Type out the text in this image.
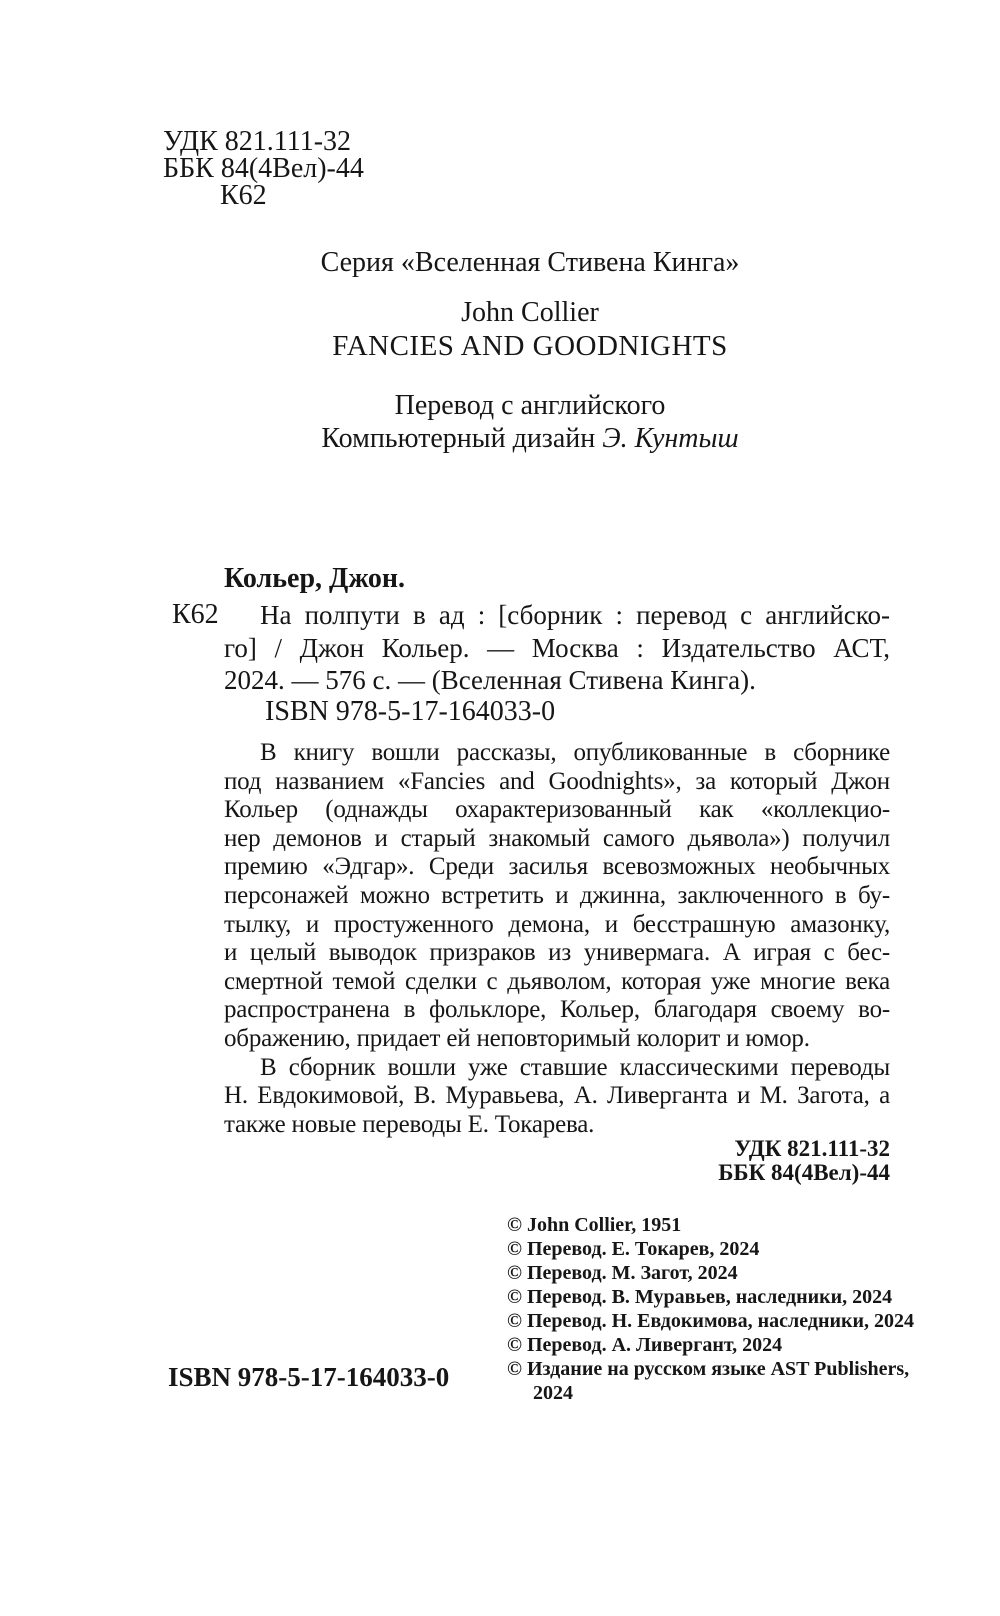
УДК 821.111-32
ББК 84(4Вел)-44
К62
Серия «Вселенная Стивена Кинга»
John Collier
FANCIES AND GOODNIGHTS
Перевод с английского
Компьютерный дизайн Э. Кунтыш
Кольер, Джон.
К62	На полпути в ад : [сборник : перевод с английско-
го] / Джон Кольер. — Москва : Издательство АСТ,
2024. — 576 с. — (Вселенная Стивена Кинга).
ISBN 978-5-17-164033-0
В книгу вошли рассказы, опубликованные в сборнике
под названием «Fancies and Goodnights», за который Джон
Кольер (однажды охарактеризованный как «коллекцио-
нер демонов и старый знакомый самого дьявола») получил
премию «Эдгар». Среди засилья всевозможных необычных
персонажей можно встретить и джинна, заключенного в бу-
тылку, и простуженного демона, и бесстрашную амазонку,
и целый выводок призраков из универмага. А играя с бес-
смертной темой сделки с дьяволом, которая уже многие века
распространена в фольклоре, Кольер, благодаря своему во-
ображению, придает ей неповторимый колорит и юмор.
В сборник вошли уже ставшие классическими переводы
Н. Евдокимовой, В. Муравьева, А. Ливерганта и М. Загота, а
также новые переводы Е. Токарева.
УДК 821.111-32
ББК 84(4Вел)-44
© John Collier, 1951
© Перевод. Е. Токарев, 2024
© Перевод. М. Загот, 2024
© Перевод. В. Муравьев, наследники, 2024
© Перевод. Н. Евдокимова, наследники, 2024
© Перевод. А. Ливергант, 2024
© Издание на русском языке AST Publishers,
2024
ISBN 978-5-17-164033-0
